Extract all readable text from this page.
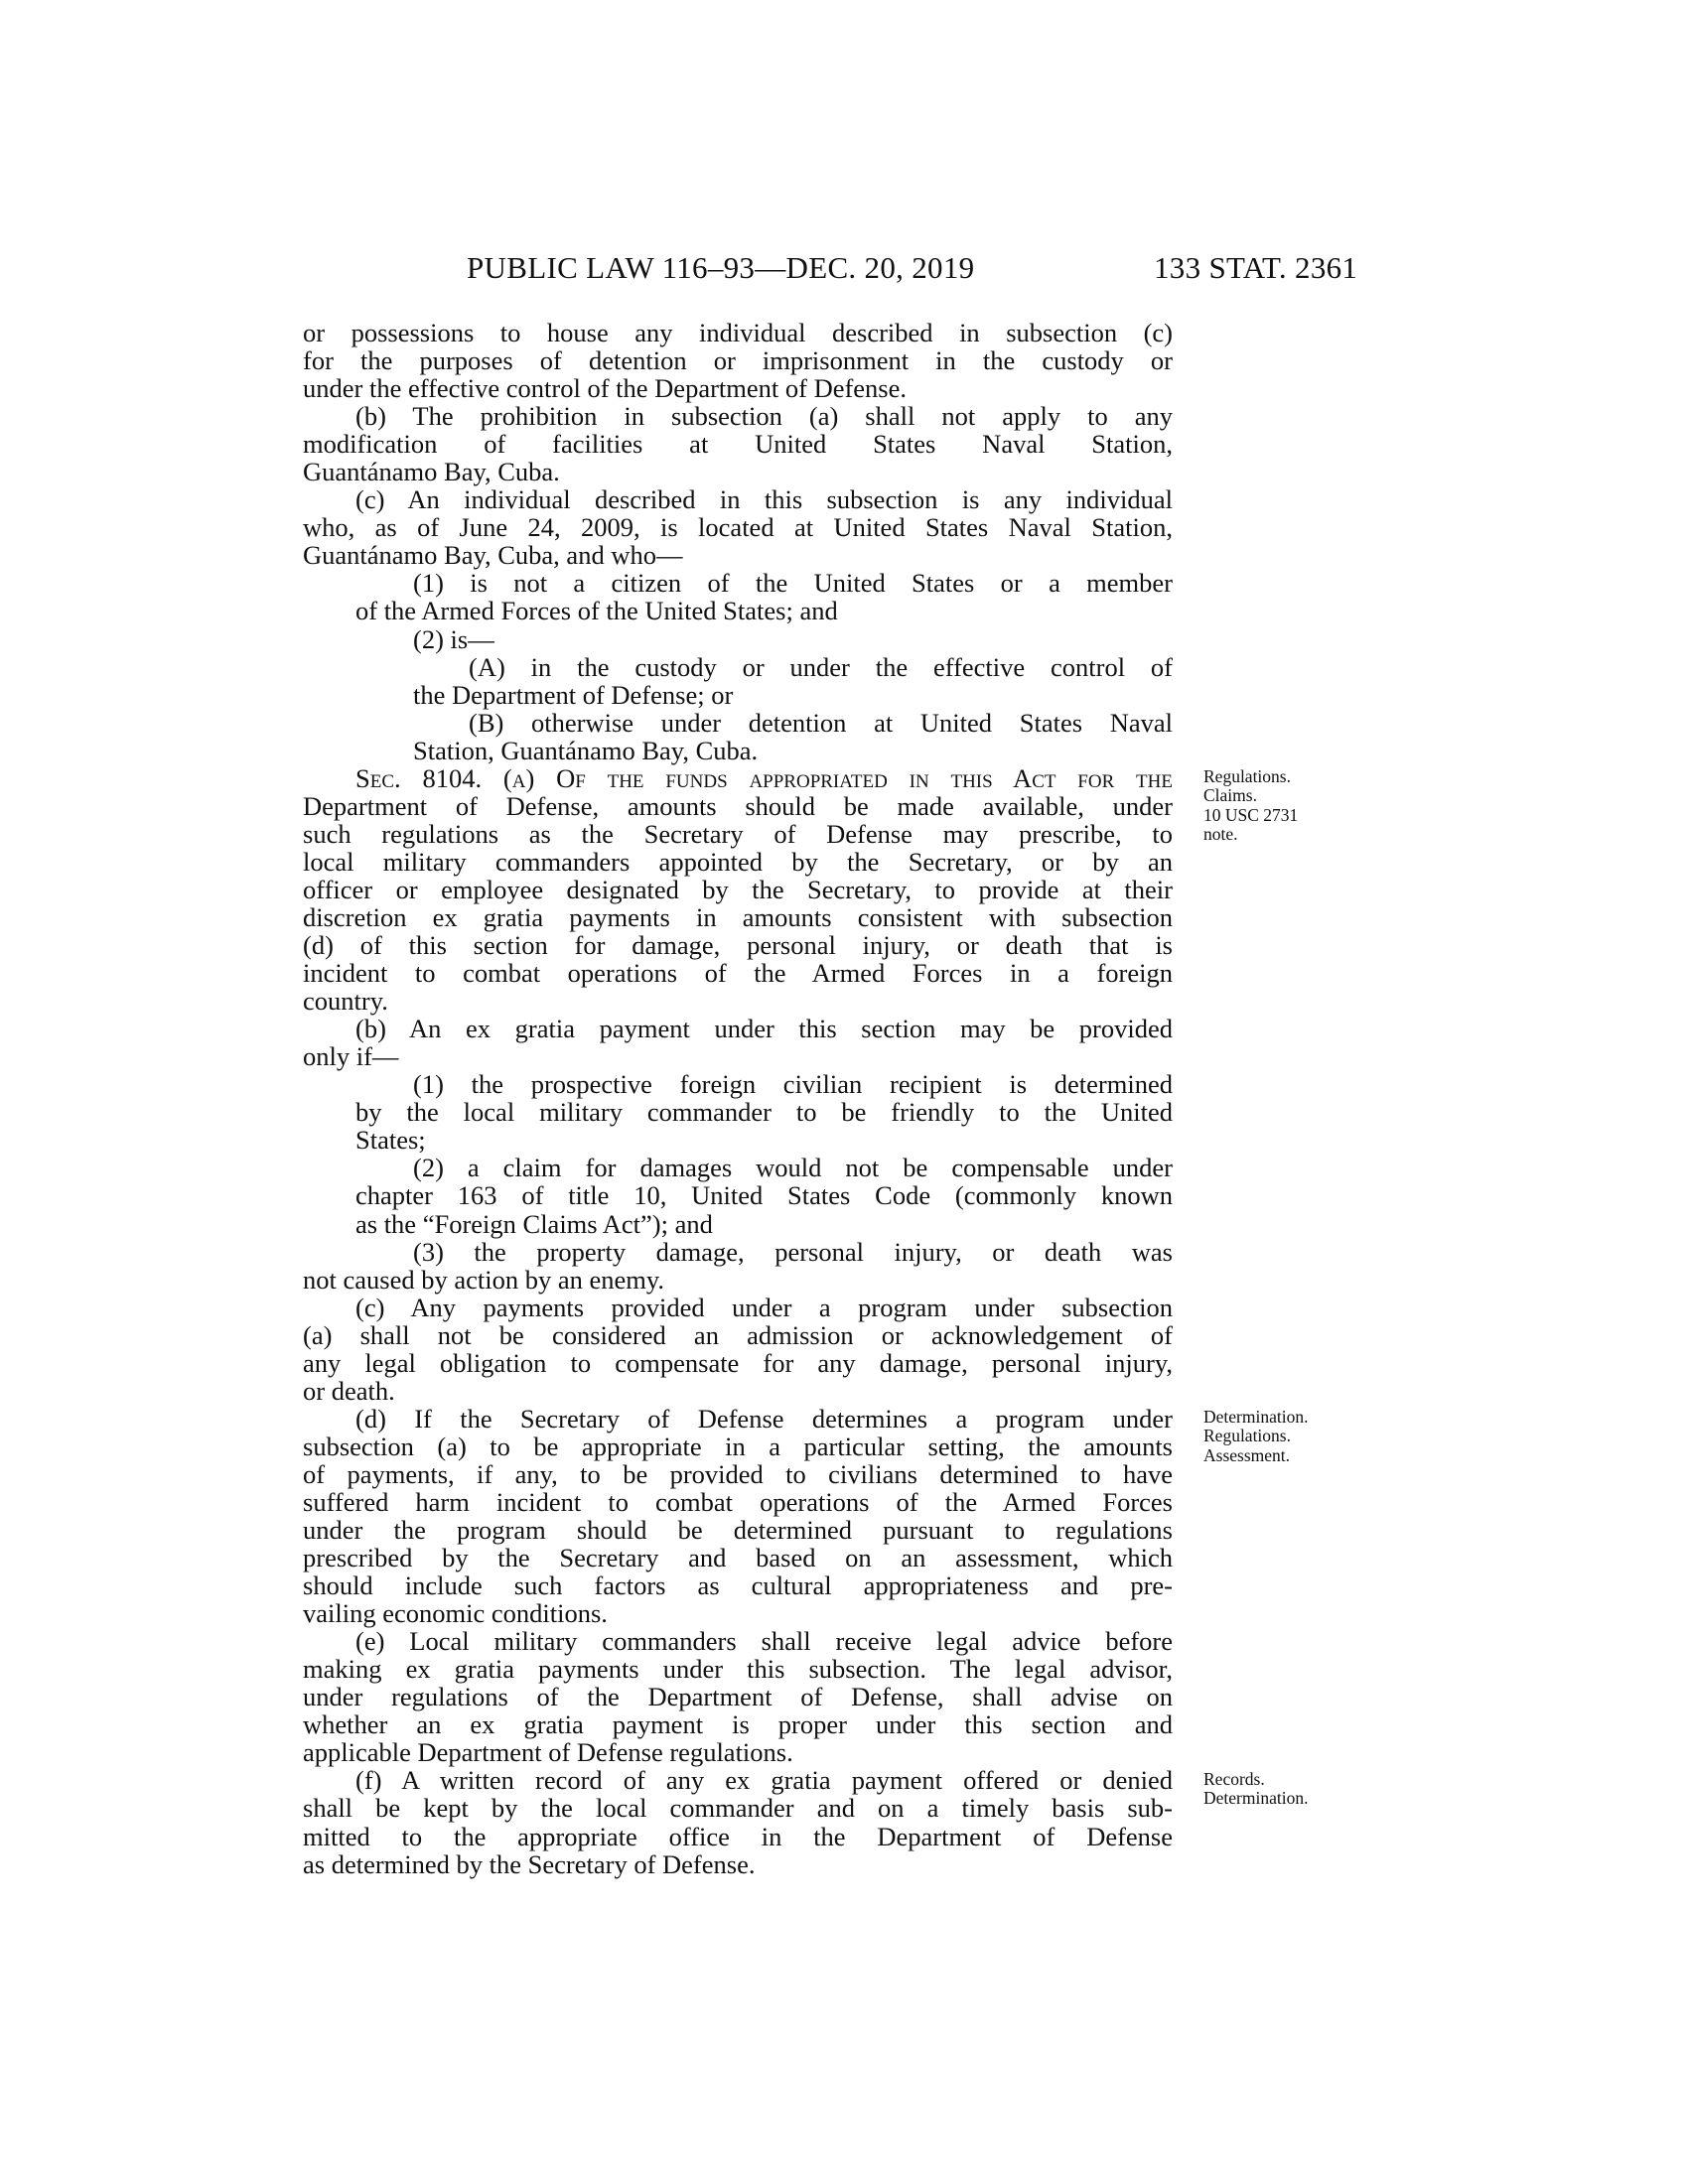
PUBLIC LAW 116–93—DEC. 20, 2019	133 STAT. 2361
or possessions to house any individual described in subsection (c)
for the purposes of detention or imprisonment in the custody or
under the effective control of the Department of Defense.
(b) The prohibition in subsection (a) shall not apply to any
modification of facilities at United States Naval Station,
Guantánamo Bay, Cuba.
(c) An individual described in this subsection is any individual
who, as of June 24, 2009, is located at United States Naval Station,
Guantánamo Bay, Cuba, and who—
(1) is not a citizen of the United States or a member
of the Armed Forces of the United States; and
(2) is—
(A) in the custody or under the effective control of
the Department of Defense; or
(B) otherwise under detention at United States Naval
Station, Guantánamo Bay, Cuba.
Sec. 8104. (a) Of the funds appropriated in this Act for the
Department of Defense, amounts should be made available, under
such regulations as the Secretary of Defense may prescribe, to
local military commanders appointed by the Secretary, or by an
officer or employee designated by the Secretary, to provide at their
discretion ex gratia payments in amounts consistent with subsection
(d) of this section for damage, personal injury, or death that is
incident to combat operations of the Armed Forces in a foreign
country.
(b) An ex gratia payment under this section may be provided
only if—
(1) the prospective foreign civilian recipient is determined
by the local military commander to be friendly to the United
States;
(2) a claim for damages would not be compensable under
chapter 163 of title 10, United States Code (commonly known
as the “Foreign Claims Act”); and
(3) the property damage, personal injury, or death was
not caused by action by an enemy.
(c) Any payments provided under a program under subsection
(a) shall not be considered an admission or acknowledgement of
any legal obligation to compensate for any damage, personal injury,
or death.
(d) If the Secretary of Defense determines a program under
subsection (a) to be appropriate in a particular setting, the amounts
of payments, if any, to be provided to civilians determined to have
suffered harm incident to combat operations of the Armed Forces
under the program should be determined pursuant to regulations
prescribed by the Secretary and based on an assessment, which
should include such factors as cultural appropriateness and pre-
vailing economic conditions.
(e) Local military commanders shall receive legal advice before
making ex gratia payments under this subsection. The legal advisor,
under regulations of the Department of Defense, shall advise on
whether an ex gratia payment is proper under this section and
applicable Department of Defense regulations.
(f) A written record of any ex gratia payment offered or denied
shall be kept by the local commander and on a timely basis sub-
mitted to the appropriate office in the Department of Defense
as determined by the Secretary of Defense.
Regulations.
Claims.
10 USC 2731
note.
Determination.
Regulations.
Assessment.
Records.
Determination.
